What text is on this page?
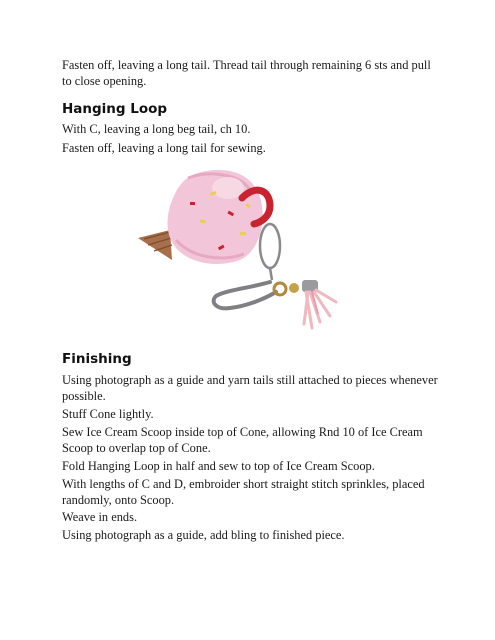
Fasten off, leaving a long tail. Thread tail through remaining 6 sts and pull to close opening.

Hanging Loop

With C, leaving a long beg tail, ch 10.

Fasten off, leaving a long tail for sewing.

Finishing

Using photograph as a guide and yarn tails still attached to pieces whenever possible.

Stuff Cone lightly.

Sew Ice Cream Scoop inside top of Cone, allowing Rnd 10 of Ice Cream Scoop to overlap top of Cone.

Fold Hanging Loop in half and sew to top of Ice Cream Scoop.

With lengths of C and D, embroider short straight stitch sprinkles, placed randomly, onto Scoop.

Weave in ends.

Using photograph as a guide, add bling to finished piece.
